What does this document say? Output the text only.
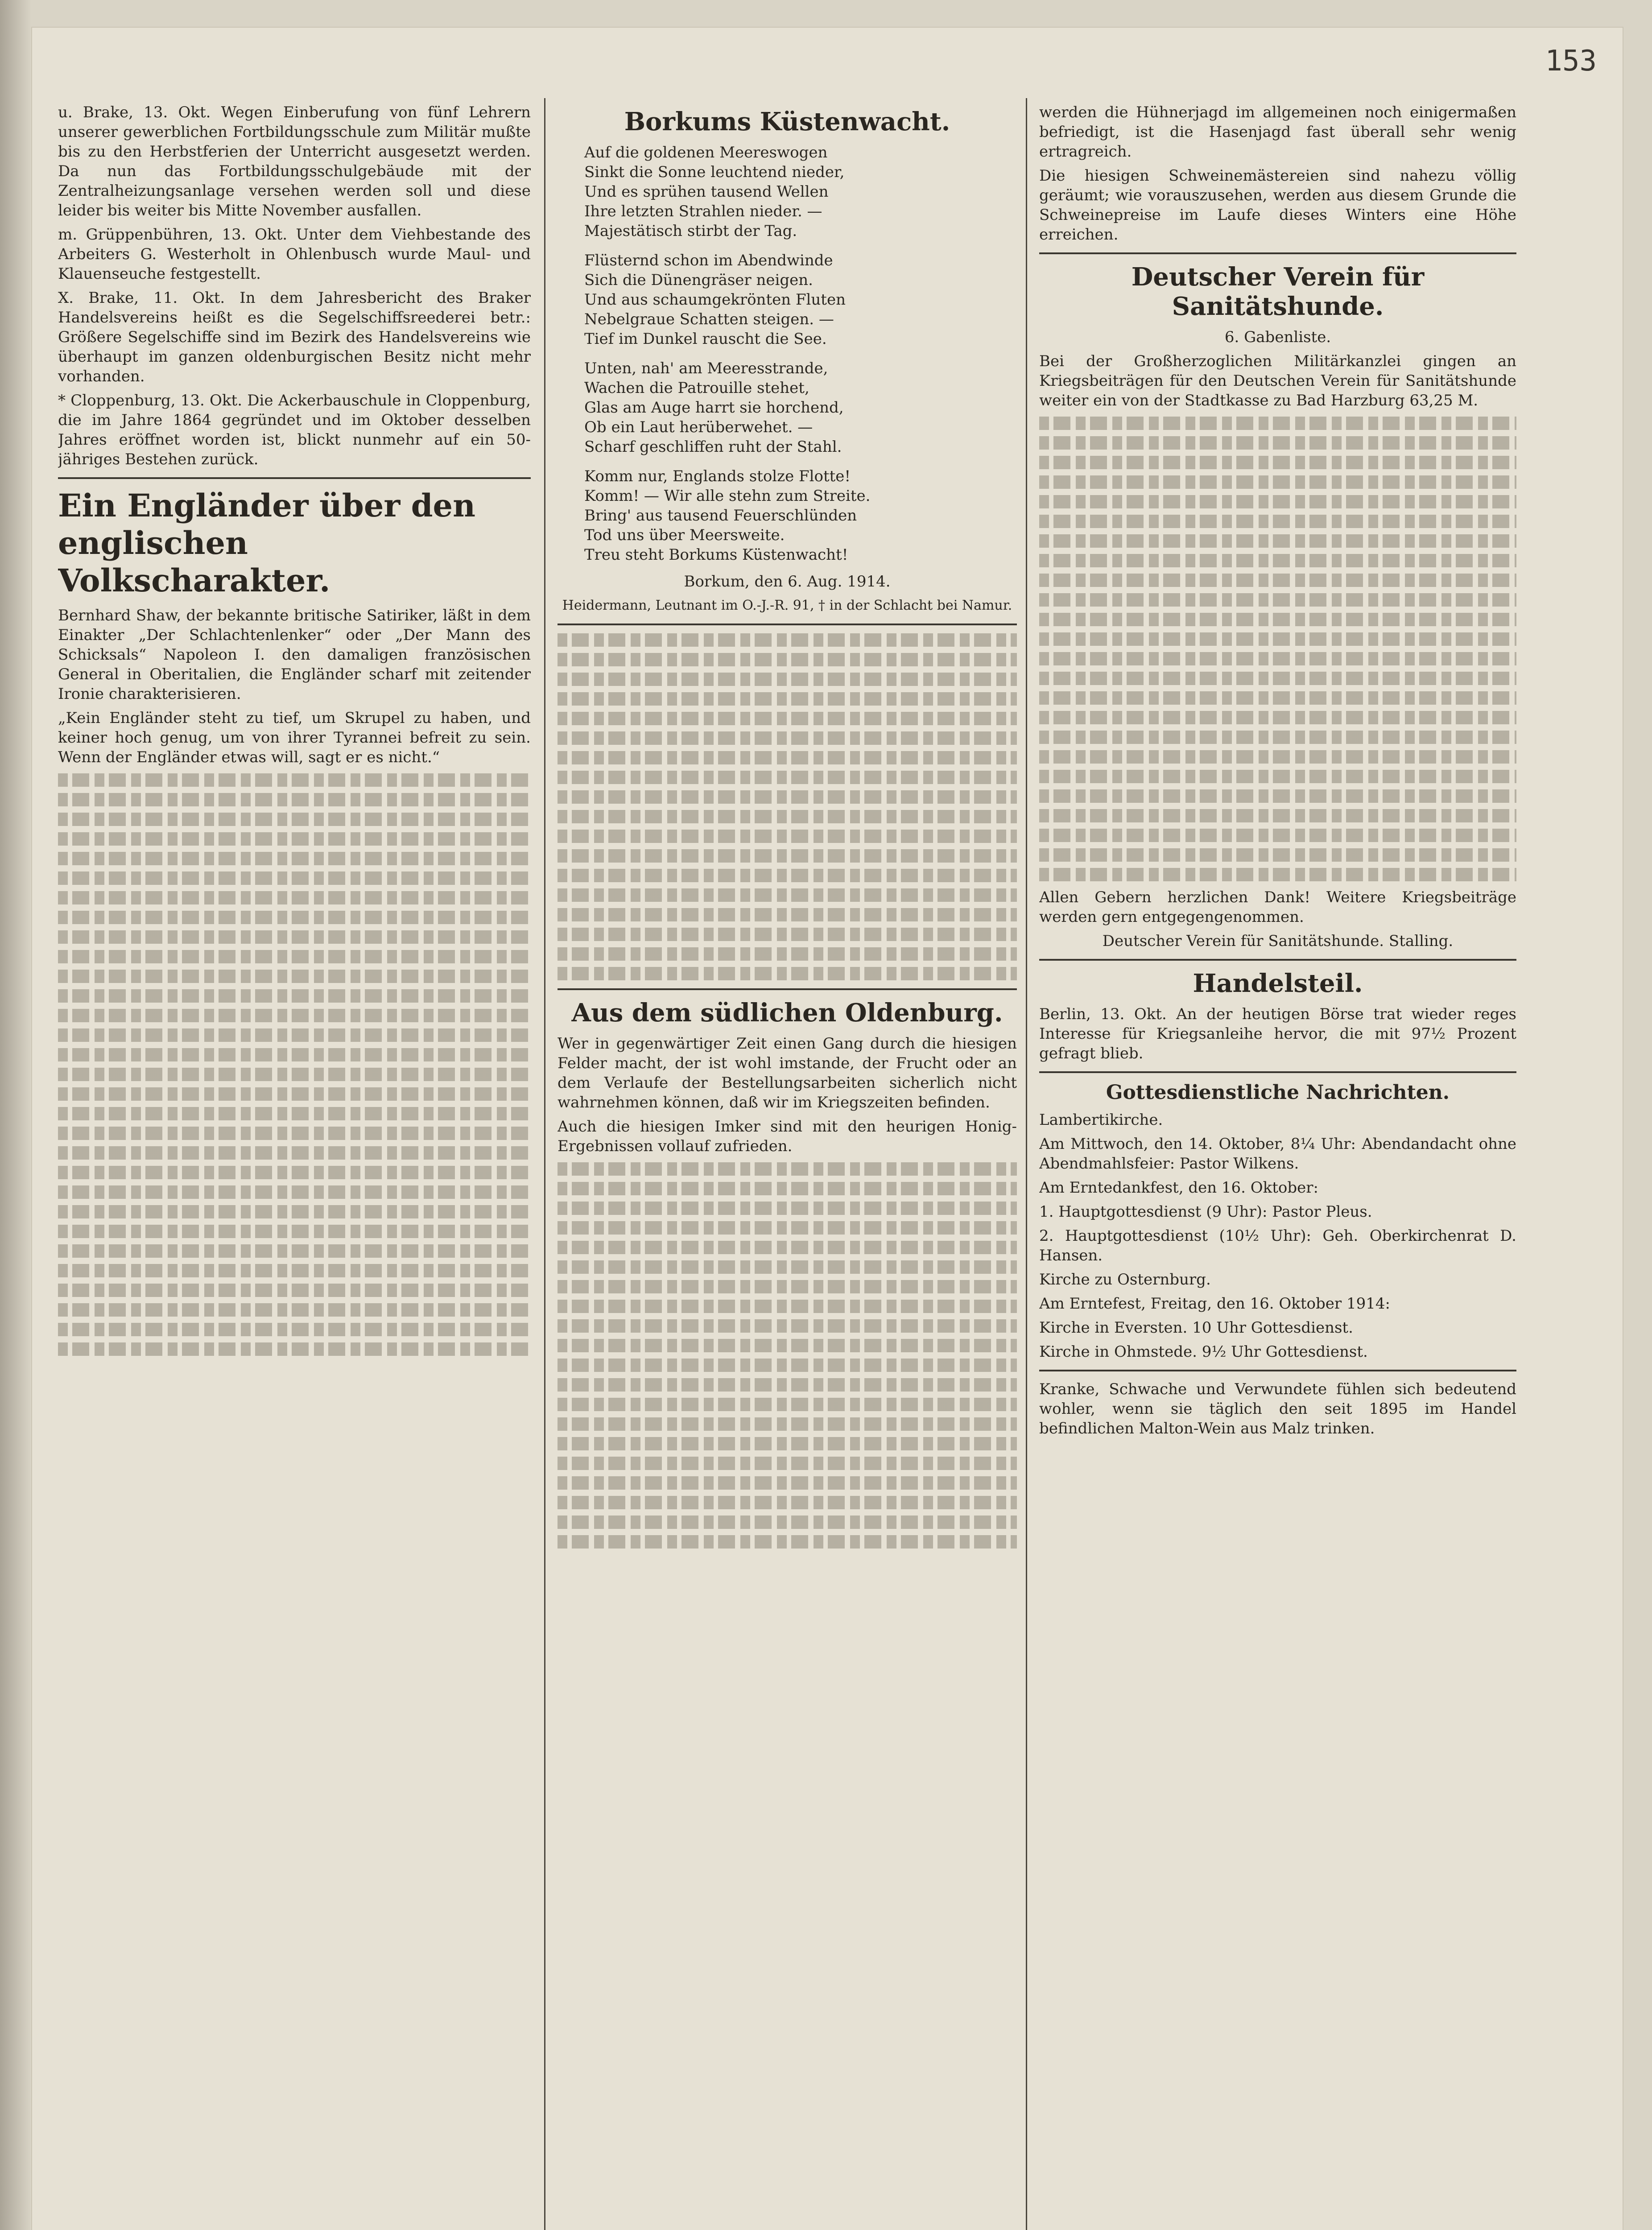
153

u. Brake, 13. Okt. Wegen Einberufung von fünf Lehrern unserer gewerblichen Fortbildungsschule zum Militär mußte bis zu den Herbstferien der Unterricht ausgesetzt werden. Da nun das Fortbildungsschulgebäude mit der Zentralheizungsanlage versehen werden soll und diese leider bis weiter bis Mitte November ausfallen.

m. Grüppenbühren, 13. Okt. Unter dem Viehbestande des Arbeiters G. Westerholt in Ohlenbusch wurde Maul- und Klauenseuche festgestellt.

X. Brake, 11. Okt. In dem Jahresbericht des Braker Handelsvereins heißt es die Segelschiffsreederei betr.: Größere Segelschiffe sind im Bezirk des Handelsvereins wie überhaupt im ganzen oldenburgischen Besitz nicht mehr vorhanden.

* Cloppenburg, 13. Okt. Die Ackerbauschule in Cloppenburg, die im Jahre 1864 gegründet und im Oktober desselben Jahres eröffnet worden ist, blickt nunmehr auf ein 50-jähriges Bestehen zurück.

Ein Engländer über den englischen Volkscharakter.

Bernhard Shaw, der bekannte britische Satiriker, läßt in dem Einakter „Der Schlachtenlenker“ oder „Der Mann des Schicksals“ Napoleon I. den damaligen französischen General in Oberitalien, die Engländer scharf mit zeitender Ironie charakterisieren.

„Kein Engländer steht zu tief, um Skrupel zu haben, und keiner hoch genug, um von ihrer Tyrannei befreit zu sein. Wenn der Engländer etwas will, sagt er es nicht.“

Borkums Küstenwacht.

Auf die goldenen Meereswogen

Sinkt die Sonne leuchtend nieder,

Und es sprühen tausend Wellen

Ihre letzten Strahlen nieder. —

Majestätisch stirbt der Tag.

Flüsternd schon im Abendwinde

Sich die Dünengräser neigen.

Und aus schaumgekrönten Fluten

Nebelgraue Schatten steigen. —

Tief im Dunkel rauscht die See.

Unten, nah' am Meeresstrande,

Wachen die Patrouille stehet,

Glas am Auge harrt sie horchend,

Ob ein Laut herüberwehet. —

Scharf geschliffen ruht der Stahl.

Komm nur, Englands stolze Flotte!

Komm! — Wir alle stehn zum Streite.

Bring' aus tausend Feuerschlünden

Tod uns über Meersweite.

Treu steht Borkums Küstenwacht!

Borkum, den 6. Aug. 1914.

Heidermann, Leutnant im O.-J.-R. 91, † in der Schlacht bei Namur.

Aus dem südlichen Oldenburg.

Wer in gegenwärtiger Zeit einen Gang durch die hiesigen Felder macht, der ist wohl imstande, der Frucht oder an dem Verlaufe der Bestellungsarbeiten sicherlich nicht wahrnehmen können, daß wir im Kriegszeiten befinden.

Auch die hiesigen Imker sind mit den heurigen Honig-Ergebnissen vollauf zufrieden.

werden die Hühnerjagd im allgemeinen noch einigermaßen befriedigt, ist die Hasenjagd fast überall sehr wenig ertragreich.

Die hiesigen Schweinemästereien sind nahezu völlig geräumt; wie vorauszusehen, werden aus diesem Grunde die Schweinepreise im Laufe dieses Winters eine Höhe erreichen.

Deutscher Verein für Sanitätshunde.

6. Gabenliste.

Bei der Großherzoglichen Militärkanzlei gingen an Kriegsbeiträgen für den Deutschen Verein für Sanitätshunde weiter ein von der Stadtkasse zu Bad Harzburg 63,25 M.

Allen Gebern herzlichen Dank! Weitere Kriegsbeiträge werden gern entgegengenommen.

Deutscher Verein für Sanitätshunde. Stalling.

Handelsteil.

Berlin, 13. Okt. An der heutigen Börse trat wieder reges Interesse für Kriegsanleihe hervor, die mit 97½ Prozent gefragt blieb.

Gottesdienstliche Nachrichten.

Lambertikirche.

Am Mittwoch, den 14. Oktober, 8¼ Uhr: Abendandacht ohne Abendmahlsfeier: Pastor Wilkens.

Am Erntedankfest, den 16. Oktober:

1. Hauptgottesdienst (9 Uhr): Pastor Pleus.

2. Hauptgottesdienst (10½ Uhr): Geh. Oberkirchenrat D. Hansen.

Kirche zu Osternburg.

Am Erntefest, Freitag, den 16. Oktober 1914:

Kirche in Eversten. 10 Uhr Gottesdienst.

Kirche in Ohmstede. 9½ Uhr Gottesdienst.

Kranke, Schwache und Verwundete fühlen sich bedeutend wohler, wenn sie täglich den seit 1895 im Handel befindlichen Malton-Wein aus Malz trinken.
